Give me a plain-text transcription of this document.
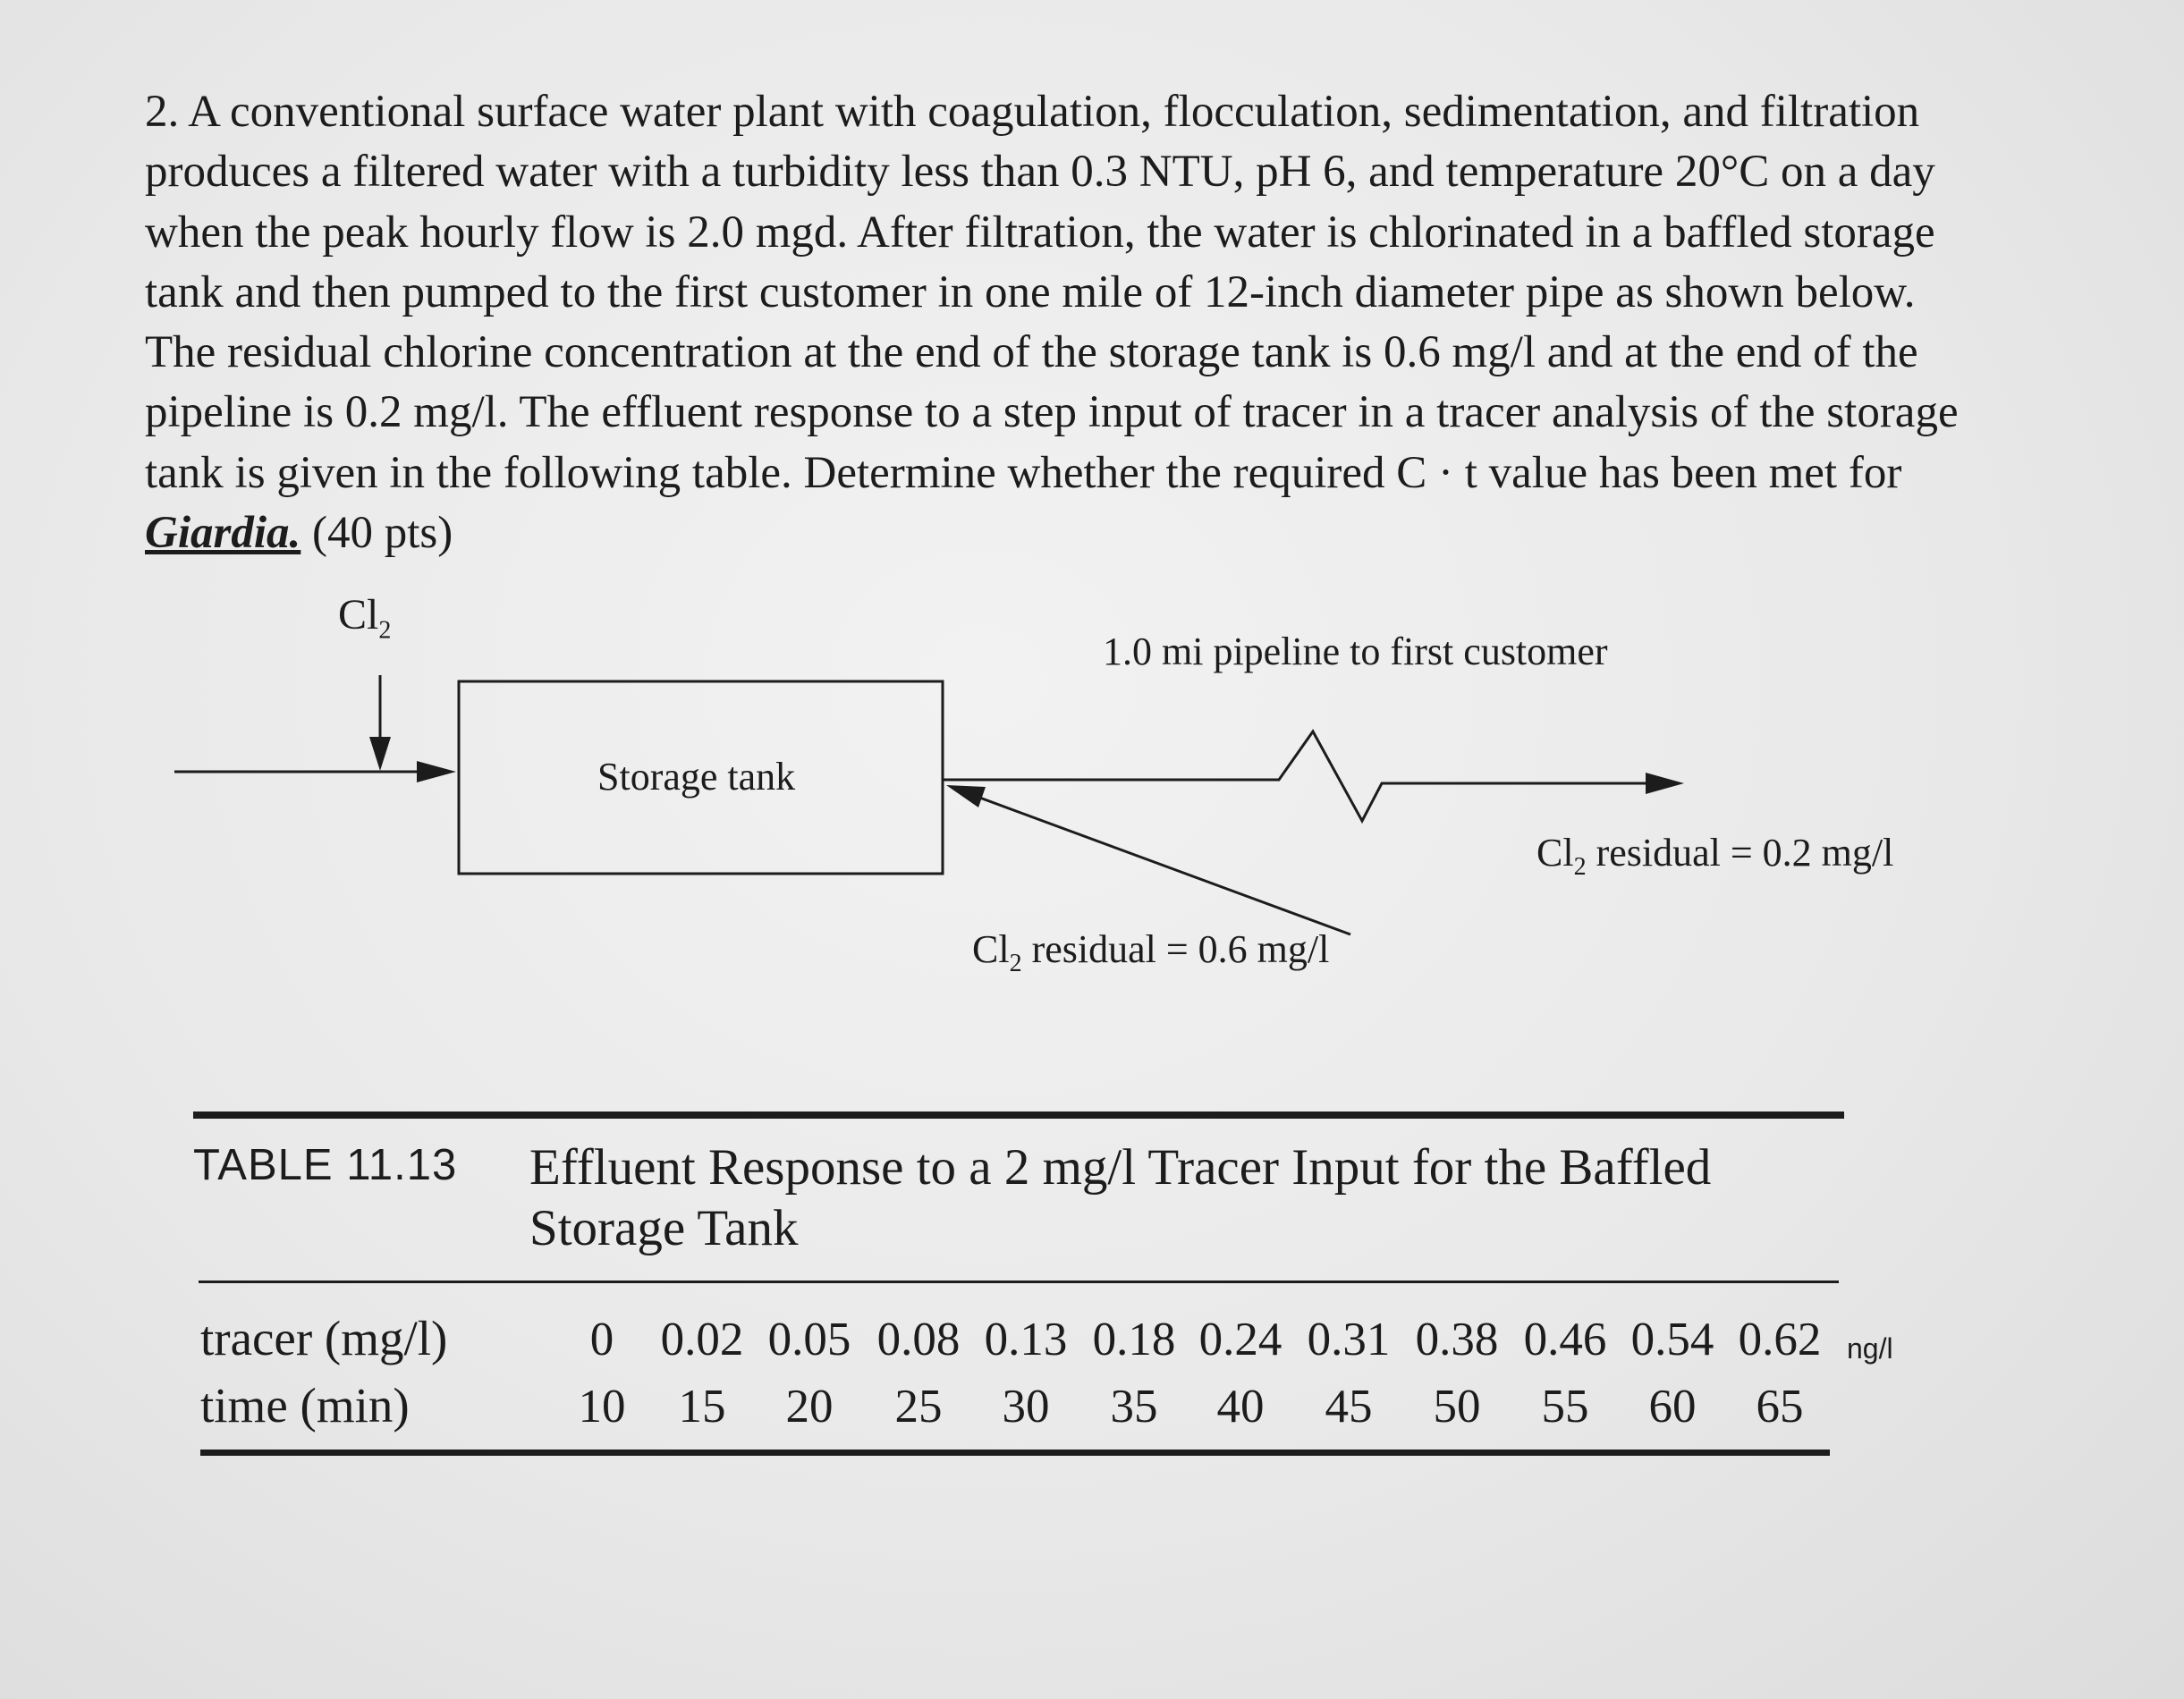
2. A conventional surface water plant with coagulation, flocculation, sedimentation, and filtration
produces a filtered water with a turbidity less than 0.3 NTU, pH 6, and temperature 20°C on a day
when the peak hourly flow is 2.0 mgd. After filtration, the water is chlorinated in a baffled storage
tank and then pumped to the first customer in one mile of 12-inch diameter pipe as shown below.
The residual chlorine concentration at the end of the storage tank is 0.6 mg/l and at the end of the
pipeline is 0.2 mg/l. The effluent response to a step input of tracer in a tracer analysis of the storage
tank is given in the following table. Determine whether the required C · t value has been met for
Giardia. (40 pts)
$Cl_2$	1.0 mi pipeline to first customer
Storage tank
$Cl_2$ residual = 0.2 mg/l
$Cl_2$ residual = 0.6 mg/l
TABLE 11.13 Effluent Response to a 2 mg/l Tracer Input for the Baffled
Storage Tank
tracer (mg/l)
time (min)
0 0.02 0.05 0.08 0.13 0.18 0.24 0.31 0.38 0.46 0.54 0.62
10 15 20 25 30 35 40 45 50 55 60 65
ng/l
